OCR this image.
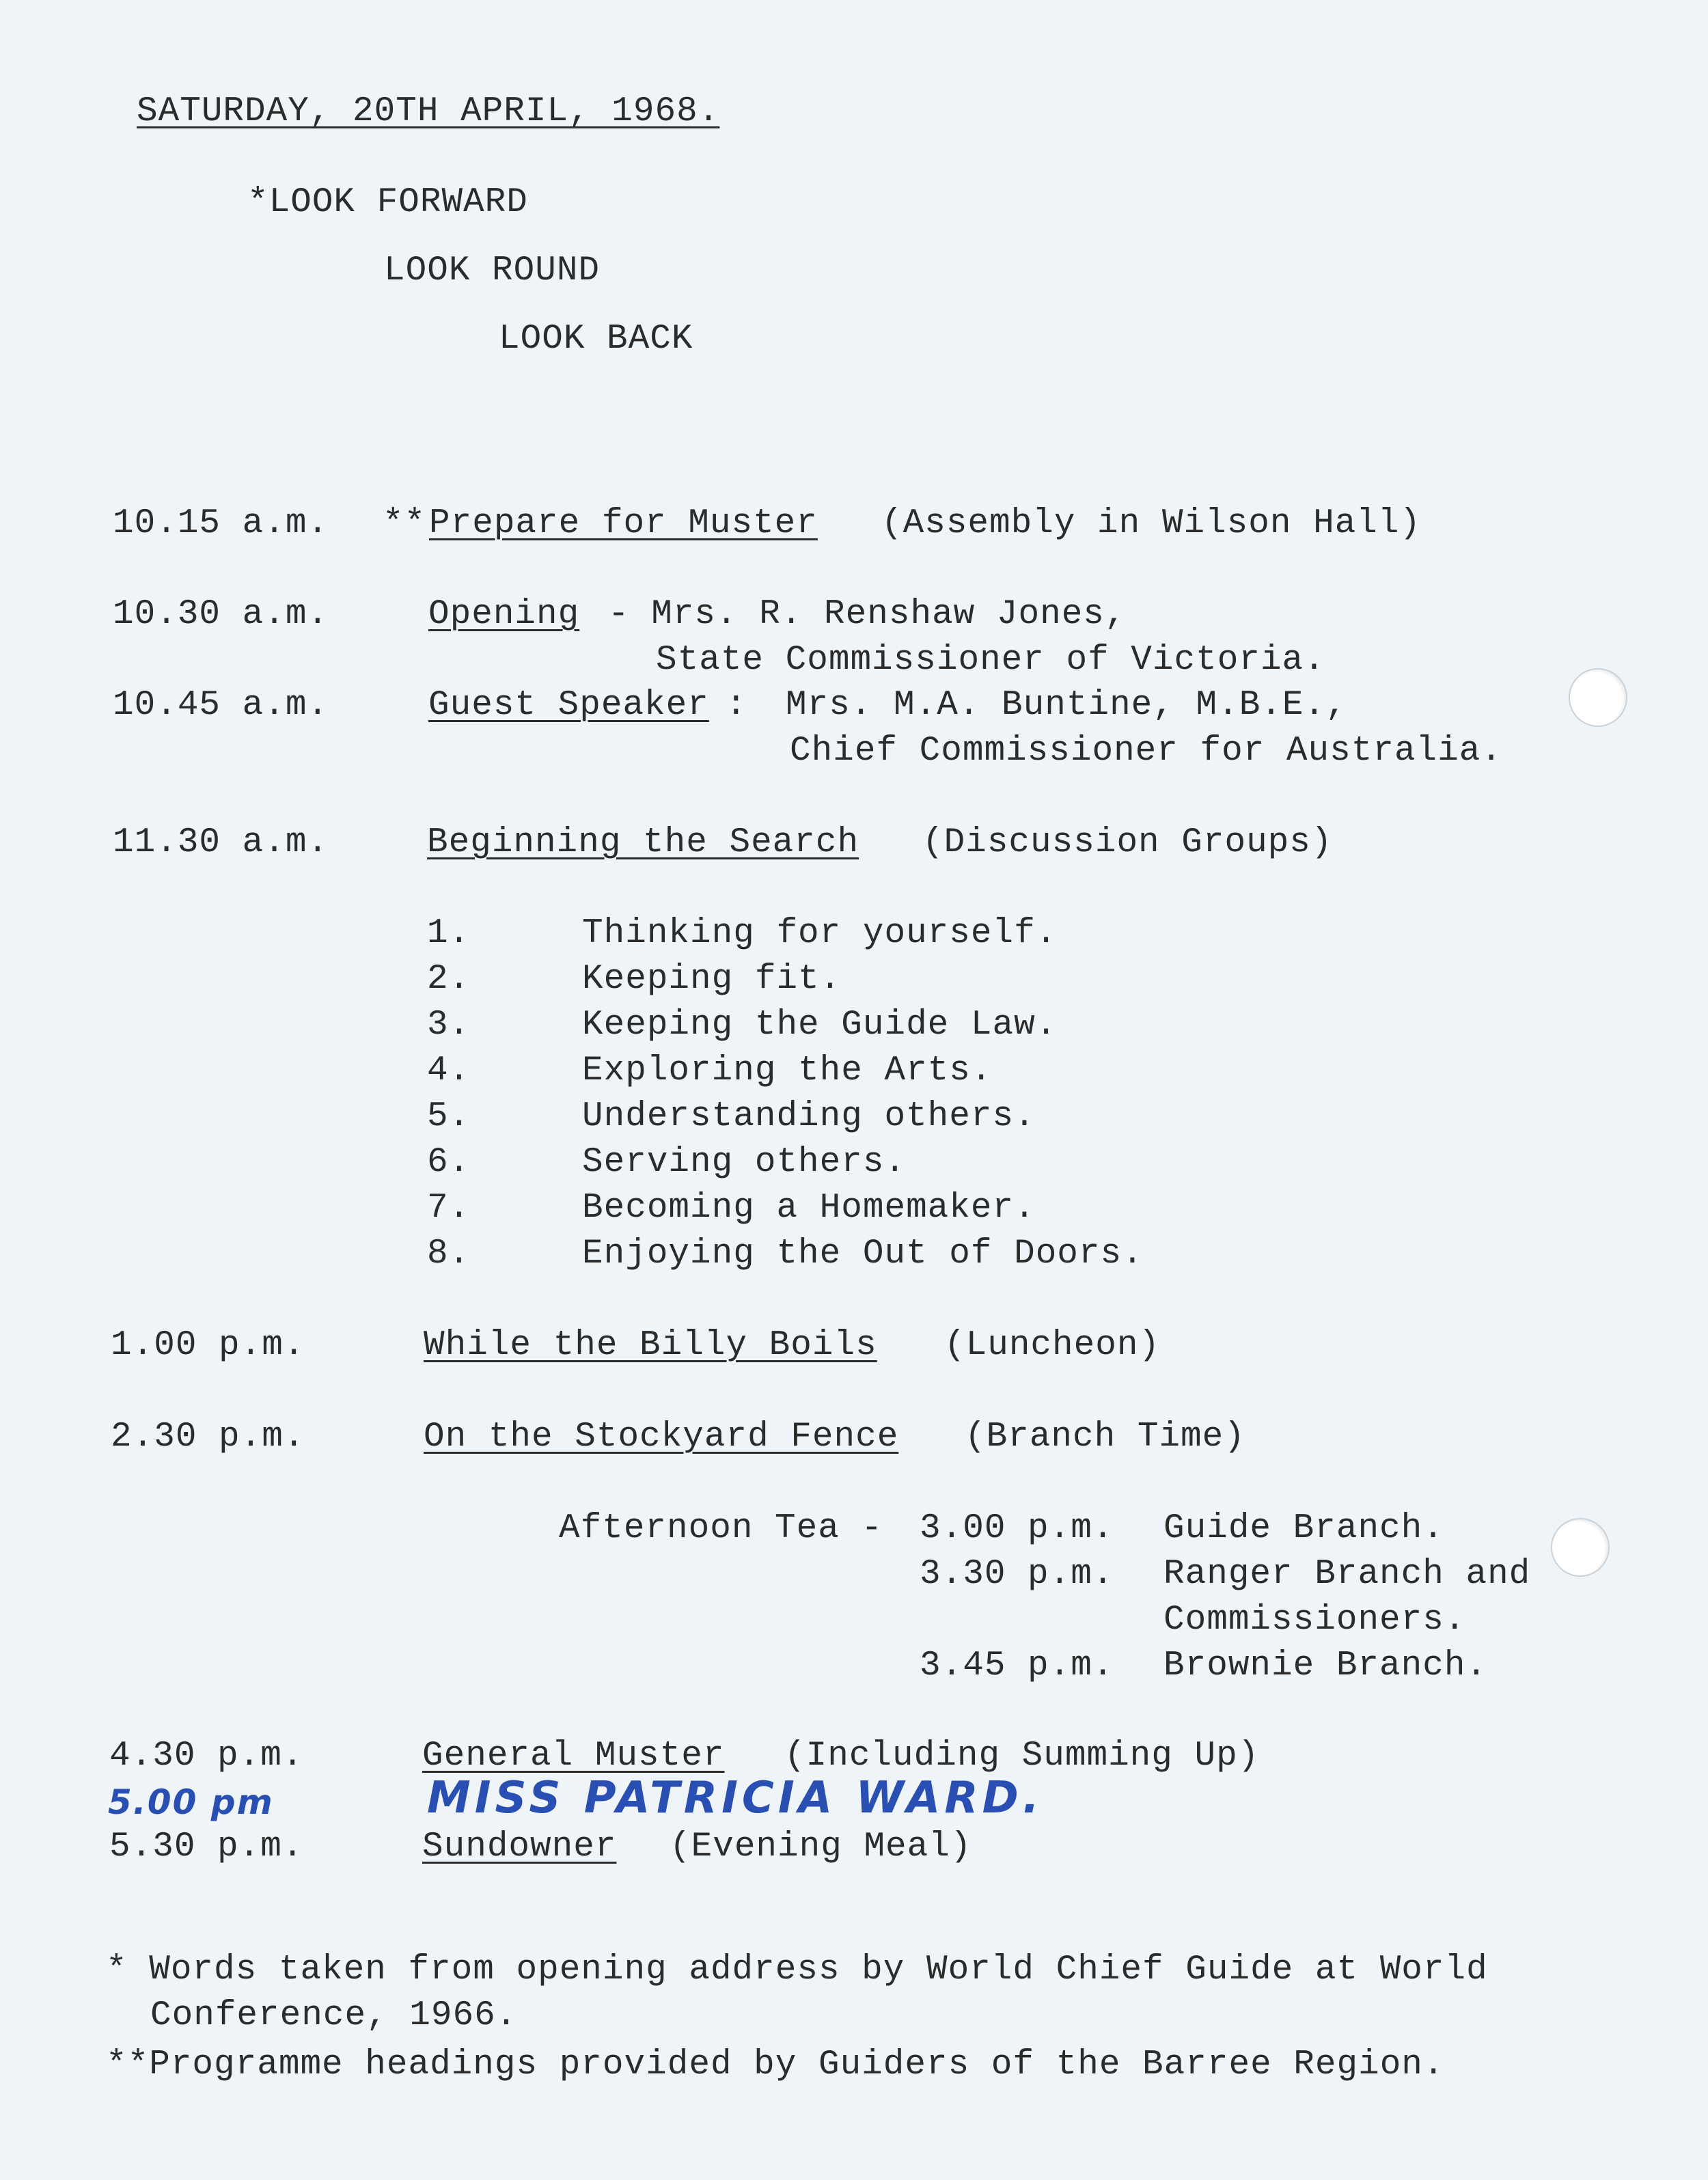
SATURDAY, 20TH APRIL, 1968.
*LOOK FORWARD
LOOK ROUND
LOOK BACK
10.15 a.m. ** Prepare for Muster (Assembly in Wilson Hall)
10.30 a.m.	Opening - Mrs. R. Renshaw Jones,
State Commissioner of Victoria.
10.45 a.m.	Guest Speaker : Mrs. M.A. Buntine, M.B.E.,
Chief Commissioner for Australia.
11.30 a.m.	Beginning the Search (Discussion Groups)
1.	Thinking for yourself.
2.	Keeping fit.
3.	Keeping the Guide Law.
4.	Exploring the Arts.
5.	Understanding others.
6.	Serving others.
7.	Becoming a Homemaker.
8.	Enjoying the Out of Doors.
1.00 p.m.	While the Billy Boils (Luncheon)
2.30 p.m.	On the Stockyard Fence (Branch Time)
Afternoon Tea - 3.00 p.m. Guide Branch.
3.30 p.m. Ranger Branch and
Commissioners.
3.45 p.m. Brownie Branch.
4.30 p.m.	General Muster (Including Summing Up)
5.00 pm	MISS PATRICIA WARD.
5.30 p.m.	Sundowner (Evening Meal)
* Words taken from opening address by World Chief Guide at World
Conference, 1966.
**Programme headings provided by Guiders of the Barree Region.
